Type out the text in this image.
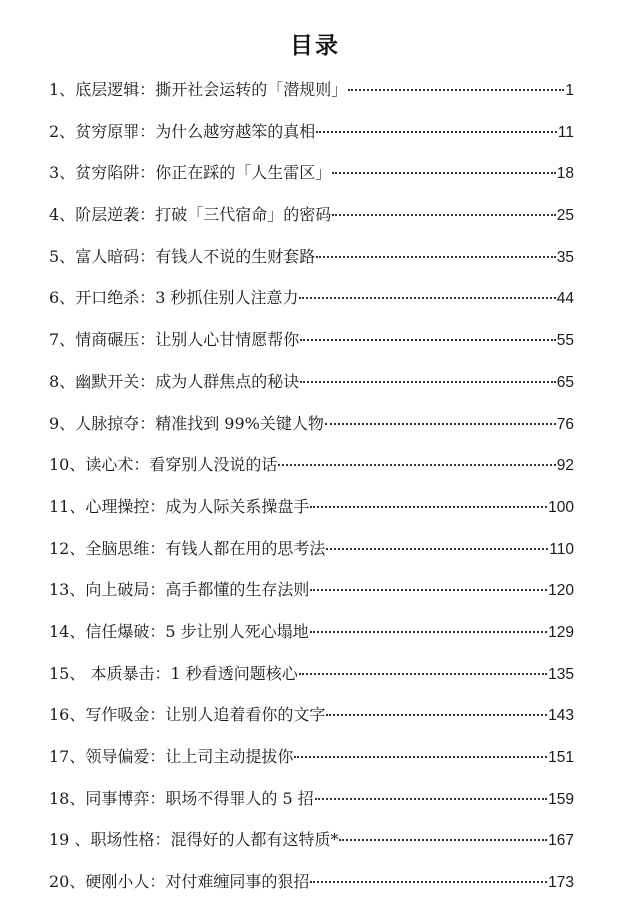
目录
1、 底层逻辑：撕开社会运转的「潜规则」	1
2、 贫穷原罪：为什么越穷越笨的真相	11
3、 贫穷陷阱：你正在踩的「人生雷区」	18
4、 阶层逆袭：打破「三代宿命」的密码	25
5、 富人暗码：有钱人不说的生财套路	35
6、 开口绝杀：3 秒抓住别人注意力	44
7、 情商碾压：让别人心甘情愿帮你	55
8、 幽默开关：成为人群焦点的秘诀	65
9、 人脉掠夺：精准找到 99%关键人物	76
10、 读心术：看穿别人没说的话	92
11、 心理操控：成为人际关系操盘手	100
12、 全脑思维：有钱人都在用的思考法	110
13、 向上破局：高手都懂的生存法则	120
14、 信任爆破：5 步让别人死心塌地	129
15、 本质暴击：1 秒看透问题核心	135
16、 写作吸金：让别人追着看你的文字	143
17、 领导偏爱：让上司主动提拔你	151
18、 同事博弈：职场不得罪人的 5 招	159
19 、 职场性格：混得好的人都有这特质*	167
20、 硬刚小人：对付难缠同事的狠招	173
